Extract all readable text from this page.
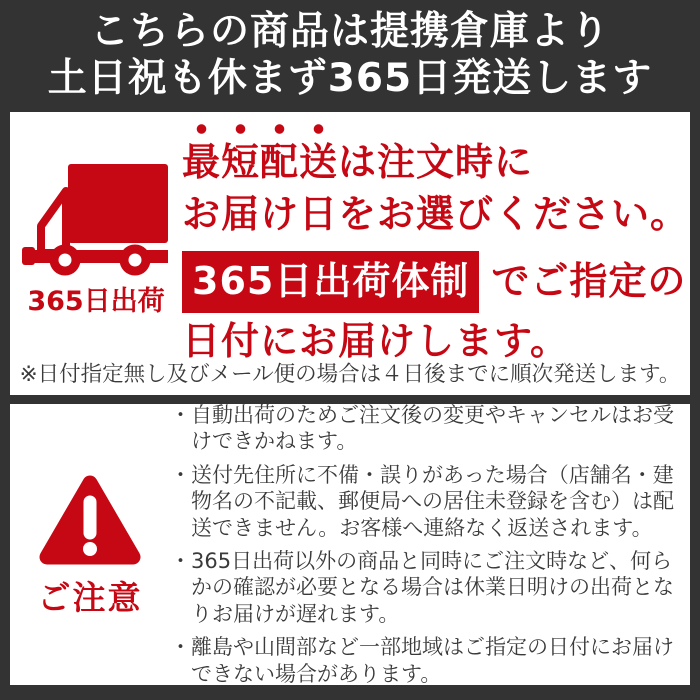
こちらの商品は提携倉庫より
土日祝も休まず365日発送します
365日出荷
最短配送は注文時に
お届け日をお選びください。
365日出荷体制 でご指定の
日付にお届けします。
※日付指定無し及びメール便の場合は４日後までに順次発送します。
ご注意
・ 自動出荷のためご注文後の変更やキャンセルはお受けできかねます。
・ 送付先住所に不備・誤りがあった場合（店舗名・建物名の不記載、郵便局への居住未登録を含む）は配送できません。お客様へ連絡なく返送されます。
・ 365日出荷以外の商品と同時にご注文時など、何らかの確認が必要となる場合は休業日明けの出荷となりお届けが遅れます。
・ 離島や山間部など一部地域はご指定の日付にお届けできない場合があります。
